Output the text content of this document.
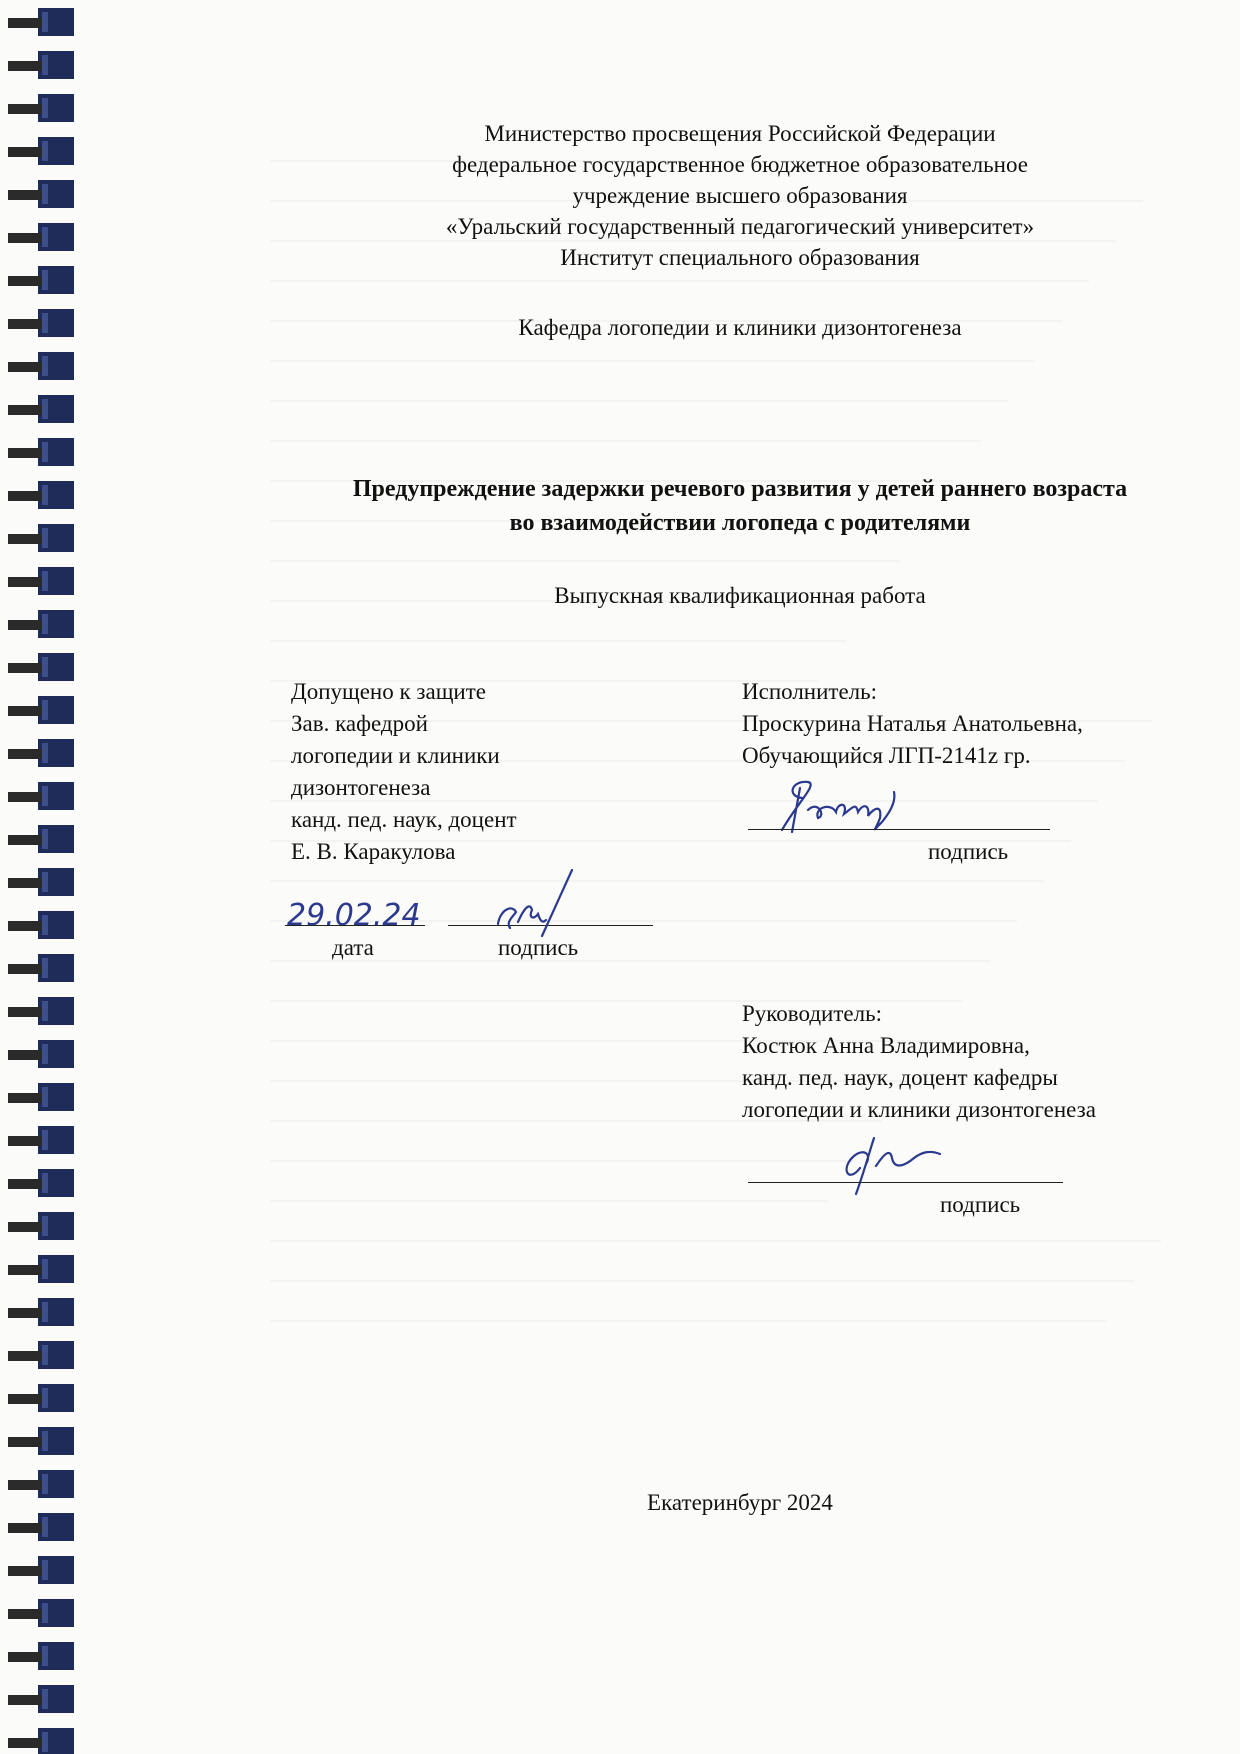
Министерство просвещения Российской Федерации
федеральное государственное бюджетное образовательное
учреждение высшего образования
«Уральский государственный педагогический университет»
Институт специального образования
Кафедра логопедии и клиники дизонтогенеза
Предупреждение задержки речевого развития у детей раннего возраста
во взаимодействии логопеда с родителями
Выпускная квалификационная работа
Допущено к защите
Зав. кафедрой
логопедии и клиники
дизонтогенеза
канд. пед. наук, доцент
Е. В. Каракулова
29.02.24
дата	подпись
Исполнитель:
Проскурина Наталья Анатольевна,
Обучающийся ЛГП-2141z гр.
подпись
Руководитель:
Костюк Анна Владимировна,
канд. пед. наук, доцент кафедры
логопедии и клиники дизонтогенеза
подпись
Екатеринбург 2024
